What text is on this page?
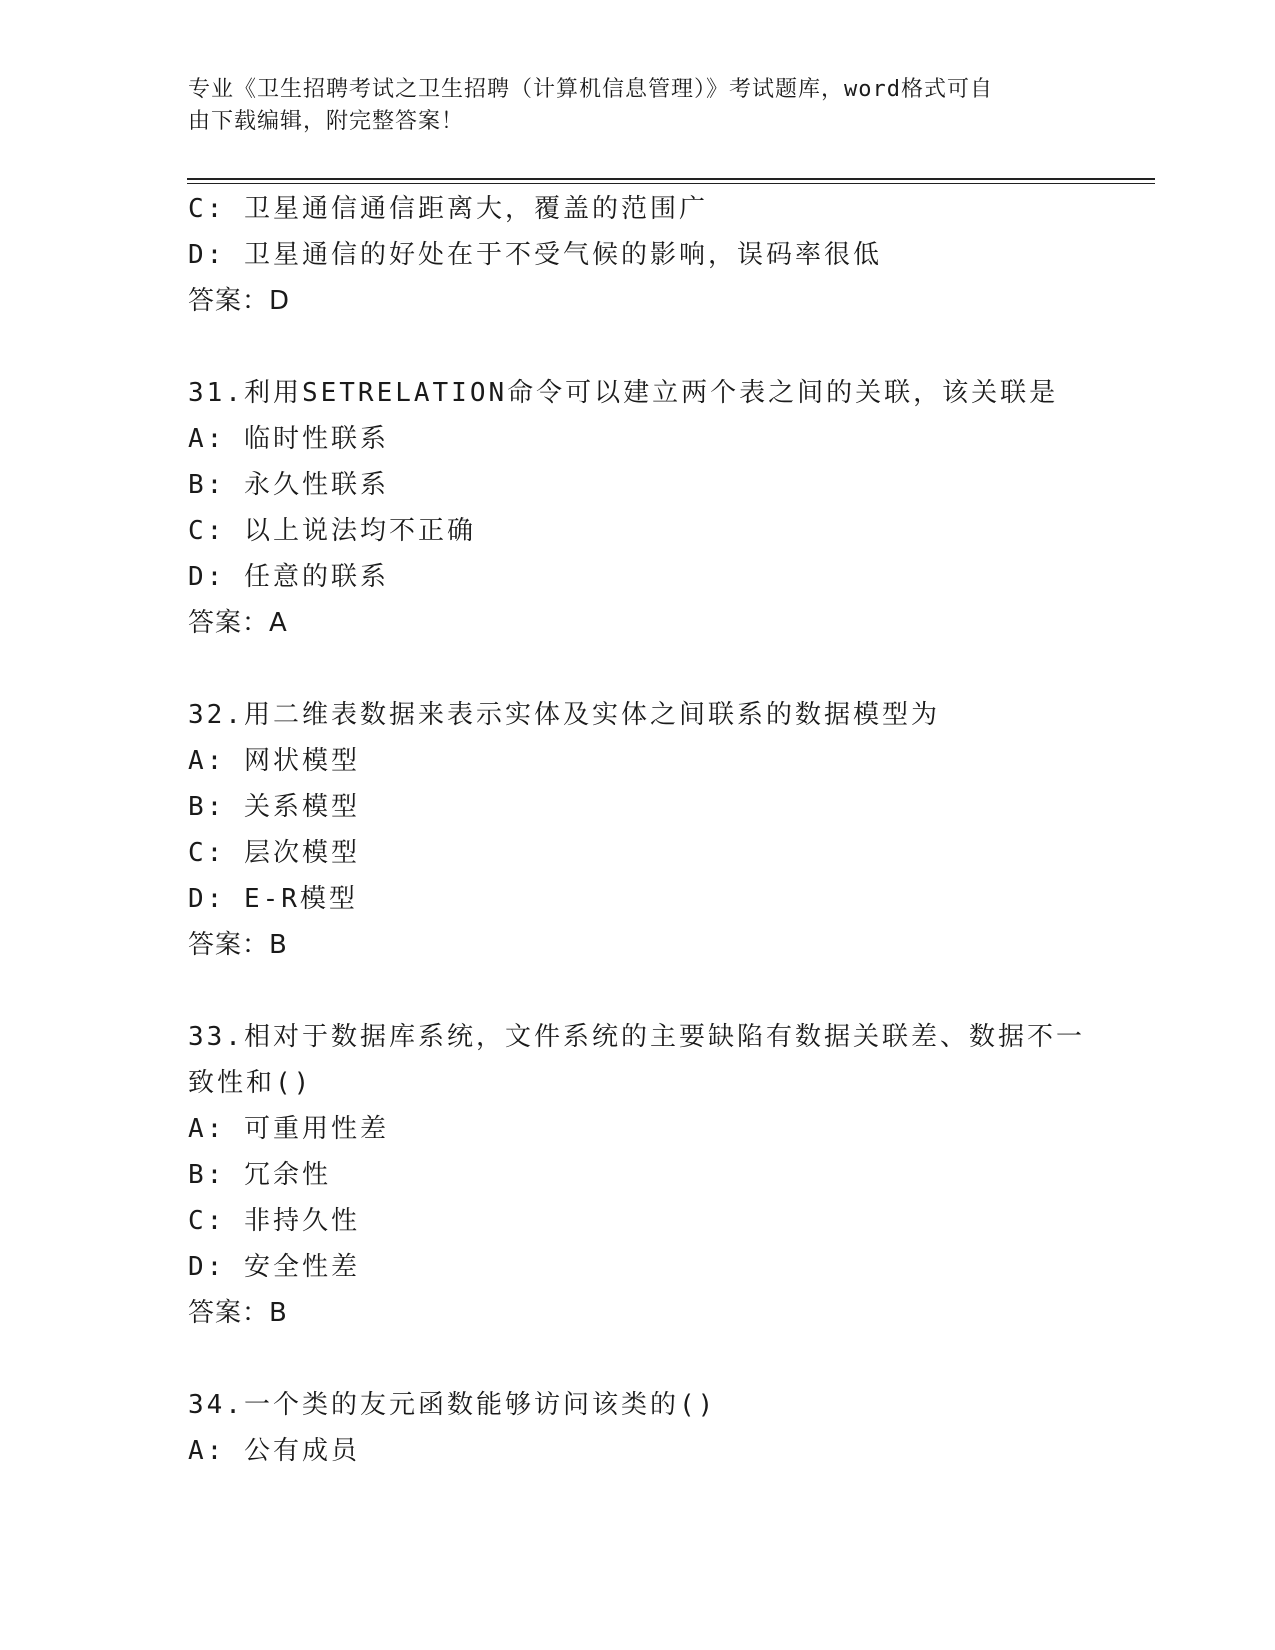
专业《卫生招聘考试之卫生招聘（计算机信息管理）》考试题库，word格式可自
由下载编辑，附完整答案！
C: 卫星通信通信距离大，覆盖的范围广
D: 卫星通信的好处在于不受气候的影响，误码率很低
答案：D
31.利用SETRELATION命令可以建立两个表之间的关联，该关联是
A: 临时性联系
B: 永久性联系
C: 以上说法均不正确
D: 任意的联系
答案：A
32.用二维表数据来表示实体及实体之间联系的数据模型为
A: 网状模型
B: 关系模型
C: 层次模型
D: E-R模型
答案：B
33.相对于数据库系统，文件系统的主要缺陷有数据关联差、数据不一
致性和()
A: 可重用性差
B: 冗余性
C: 非持久性
D: 安全性差
答案：B
34.一个类的友元函数能够访问该类的()
A: 公有成员
